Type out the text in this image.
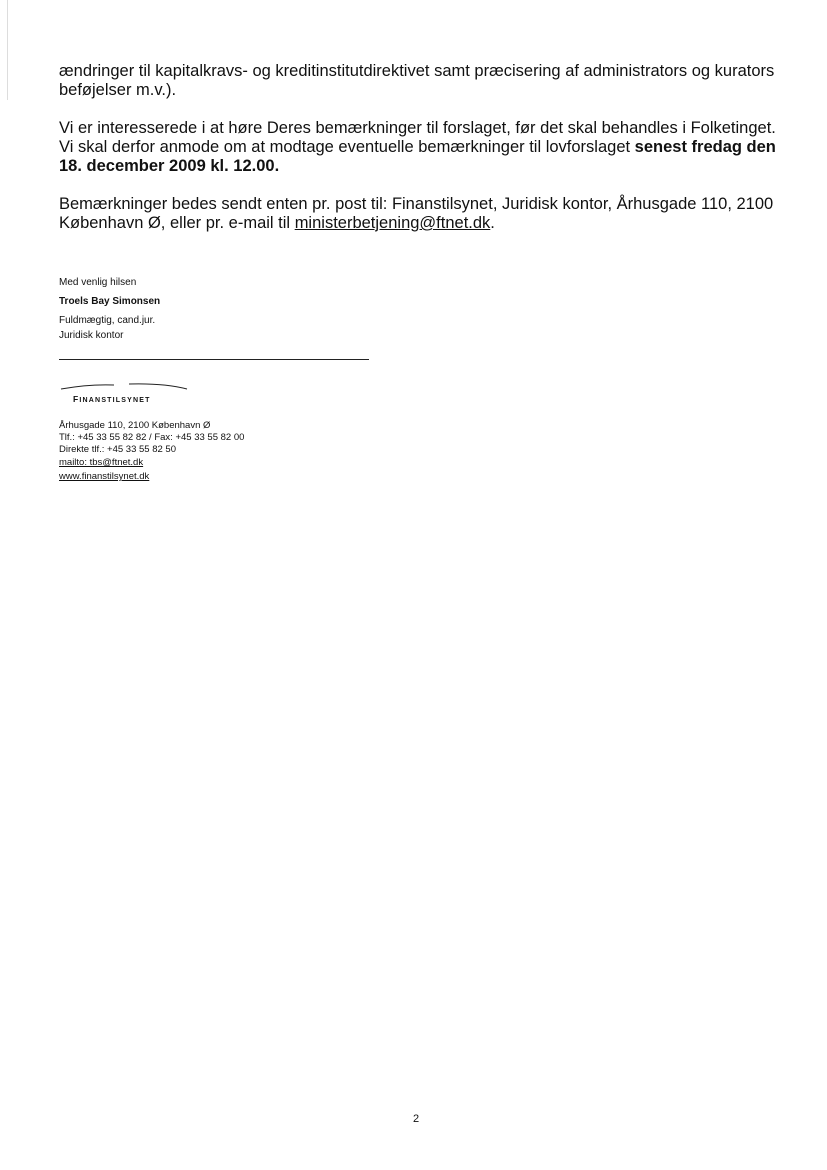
ændringer til kapitalkravs- og kreditinstitutdirektivet samt præcisering af administrators og kurators beføjelser m.v.).

Vi er interesserede i at høre Deres bemærkninger til forslaget, før det skal behandles i Folketinget. Vi skal derfor anmode om at modtage eventuelle bemærkninger til lovforslaget senest fredag den 18. december 2009 kl. 12.00.

Bemærkninger bedes sendt enten pr. post til: Finanstilsynet, Juridisk kontor, Århusgade 110, 2100 København Ø, eller pr. e-mail til ministerbetjening@ftnet.dk.

Med venlig hilsen

Troels Bay Simonsen

Fuldmægtig, cand.jur.

Juridisk kontor

FINANSTILSYNET

Århusgade 110, 2100 København Ø

Tlf.: +45 33 55 82 82 / Fax: +45 33 55 82 00

Direkte tlf.: +45 33 55 82 50

mailto: tbs@ftnet.dk

www.finanstilsynet.dk

2
